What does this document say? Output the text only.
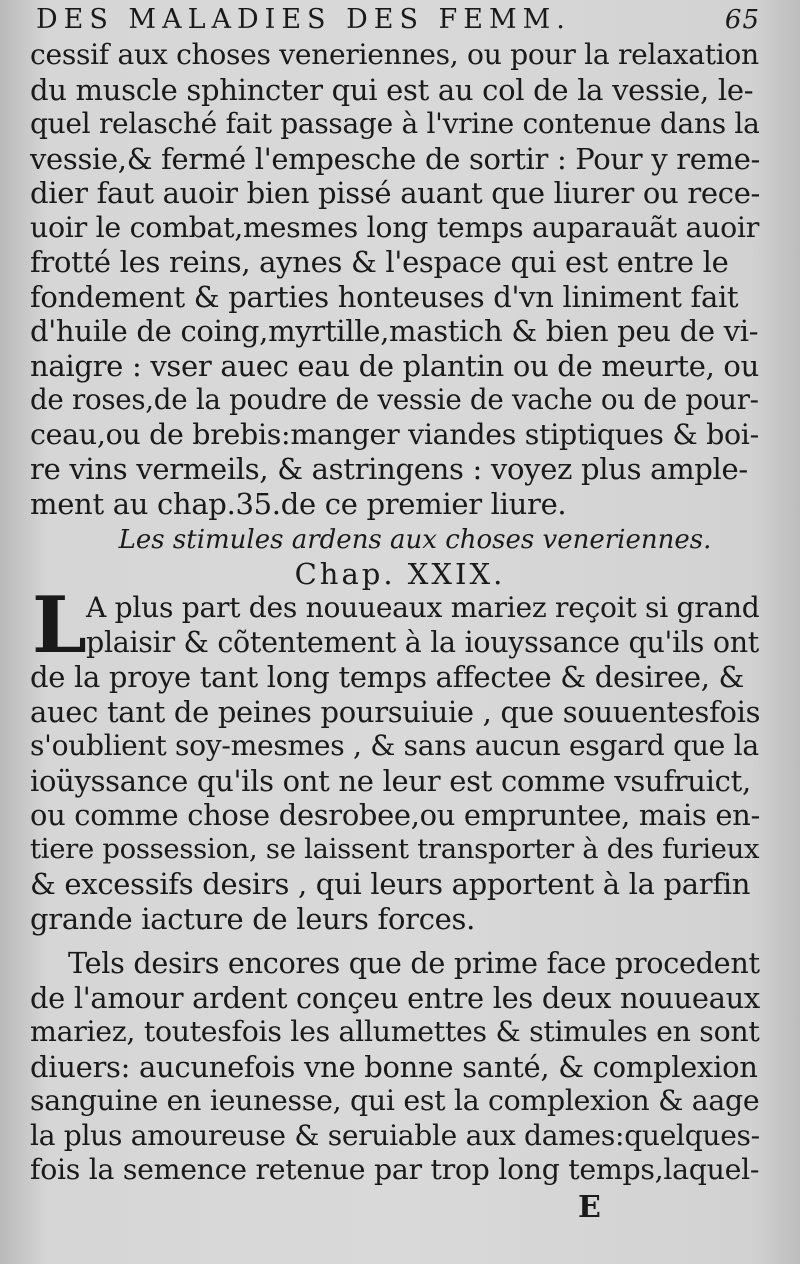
DES MALADIES DES FEMM.	65
cessif aux choses veneriennes, ou pour la relaxation
du muscle sphincter qui est au col de la vessie, le-
quel relasché fait passage à l'vrine contenue dans la
vessie,& fermé l'empesche de sortir : Pour y reme-
dier faut auoir bien pissé auant que liurer ou rece-
uoir le combat,mesmes long temps auparauãt auoir
frotté les reins, aynes & l'espace qui est entre le
fondement & parties honteuses d'vn liniment fait
d'huile de coing,myrtille,mastich & bien peu de vi-
naigre : vser auec eau de plantin ou de meurte, ou
de roses,de la poudre de vessie de vache ou de pour-
ceau,ou de brebis:manger viandes stiptiques & boi-
re vins vermeils, & astringens : voyez plus ample-
ment au chap.35.de ce premier liure.
Les stimules ardens aux choses veneriennes.
Chap. XXIX.
L A plus part des nouueaux mariez reçoit si grand
plaisir & cõtentement à la iouyssance qu'ils ont
de la proye tant long temps affectee & desiree, &
auec tant de peines poursuiuie , que souuentesfois
s'oublient soy-mesmes , & sans aucun esgard que la
ioüyssance qu'ils ont ne leur est comme vsufruict,
ou comme chose desrobee,ou empruntee, mais en-
tiere possession, se laissent transporter à des furieux
& excessifs desirs , qui leurs apportent à la parfin
grande iacture de leurs forces.
Tels desirs encores que de prime face procedent
de l'amour ardent conçeu entre les deux nouueaux
mariez, toutesfois les allumettes & stimules en sont
diuers: aucunefois vne bonne santé, & complexion
sanguine en ieunesse, qui est la complexion & aage
la plus amoureuse & seruiable aux dames:quelques-
fois la semence retenue par trop long temps,laquel-
E
